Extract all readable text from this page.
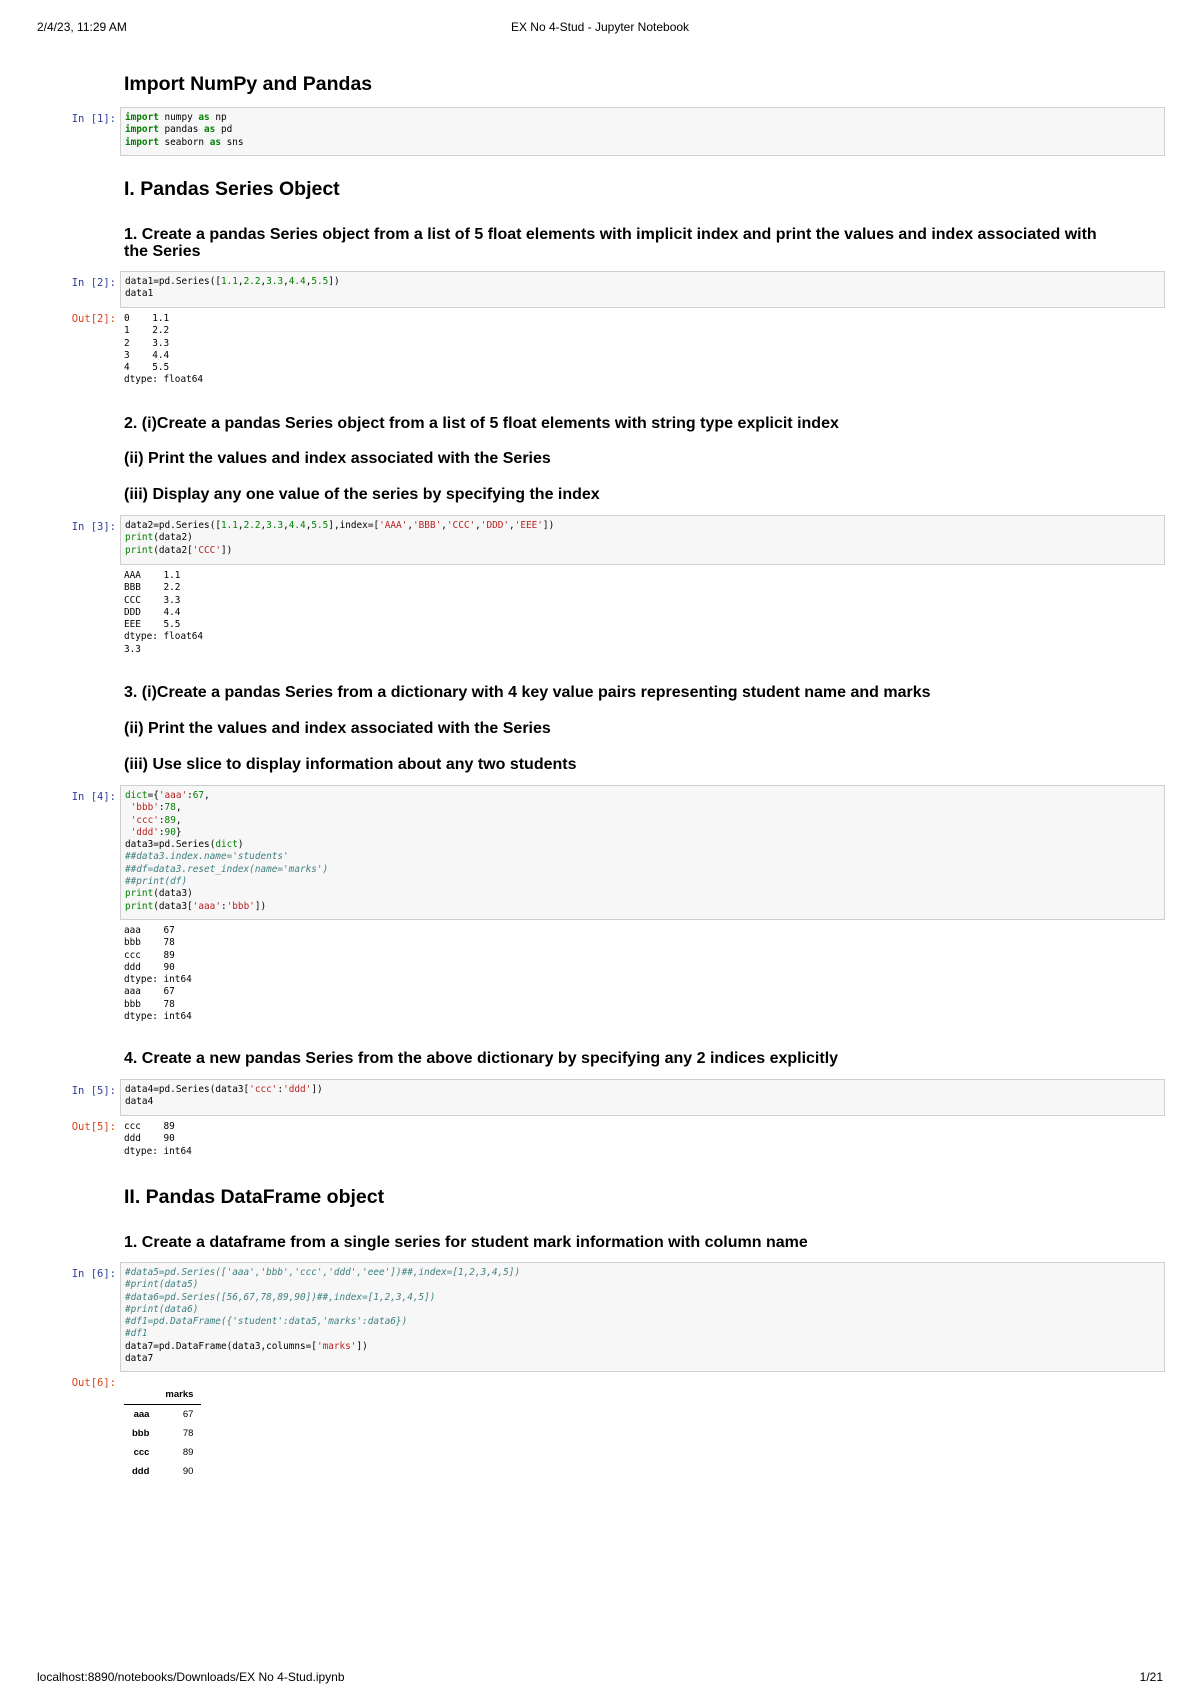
2/4/23, 11:29 AM	EX No 4-Stud - Jupyter Notebook
Import NumPy and Pandas
In [1]: import numpy as np
import pandas as pd
import seaborn as sns
I. Pandas Series Object
1. Create a pandas Series object from a list of 5 float elements with implicit index and print the values and index associated with the Series
In [2]: data1=pd.Series([1.1,2.2,3.3,4.4,5.5])
data1
Out[2]: 0    1.1
1    2.2
2    3.3
3    4.4
4    5.5
dtype: float64
2. (i)Create a pandas Series object from a list of 5 float elements with string type explicit index
(ii) Print the values and index associated with the Series
(iii) Display any one value of the series by specifying the index
In [3]: data2=pd.Series([1.1,2.2,3.3,4.4,5.5],index=['AAA','BBB','CCC','DDD','EEE'])
print(data2)
print(data2['CCC'])
AAA    1.1
BBB    2.2
CCC    3.3
DDD    4.4
EEE    5.5
dtype: float64
3.3
3. (i)Create a pandas Series from a dictionary with 4 key value pairs representing student name and marks
(ii) Print the values and index associated with the Series
(iii) Use slice to display information about any two students
In [4]: dict={'aaa':67,
'bbb':78,
'ccc':89,
'ddd':90}
data3=pd.Series(dict)
##data3.index.name='students'
##df=data3.reset_index(name='marks')
##print(df)
print(data3)
print(data3['aaa':'bbb'])
aaa    67
bbb    78
ccc    89
ddd    90
dtype: int64
aaa    67
bbb    78
dtype: int64
4. Create a new pandas Series from the above dictionary by specifying any 2 indices explicitly
In [5]: data4=pd.Series(data3['ccc':'ddd'])
data4
Out[5]: ccc    89
ddd    90
dtype: int64
II. Pandas DataFrame object
1. Create a dataframe from a single series for student mark information with column name
In [6]: #data5=pd.Series(['aaa','bbb','ccc','ddd','eee'])##,index=[1,2,3,4,5])
#print(data5)
#data6=pd.Series([56,67,78,89,90])##,index=[1,2,3,4,5])
#print(data6)
#df1=pd.DataFrame({'student':data5,'marks':data6})
#df1
data7=pd.DataFrame(data3,columns=['marks'])
data7
Out[6]:
	marks
aaa	67
bbb	78
ccc	89
ddd	90
localhost:8890/notebooks/Downloads/EX No 4-Stud.ipynb	1/21
